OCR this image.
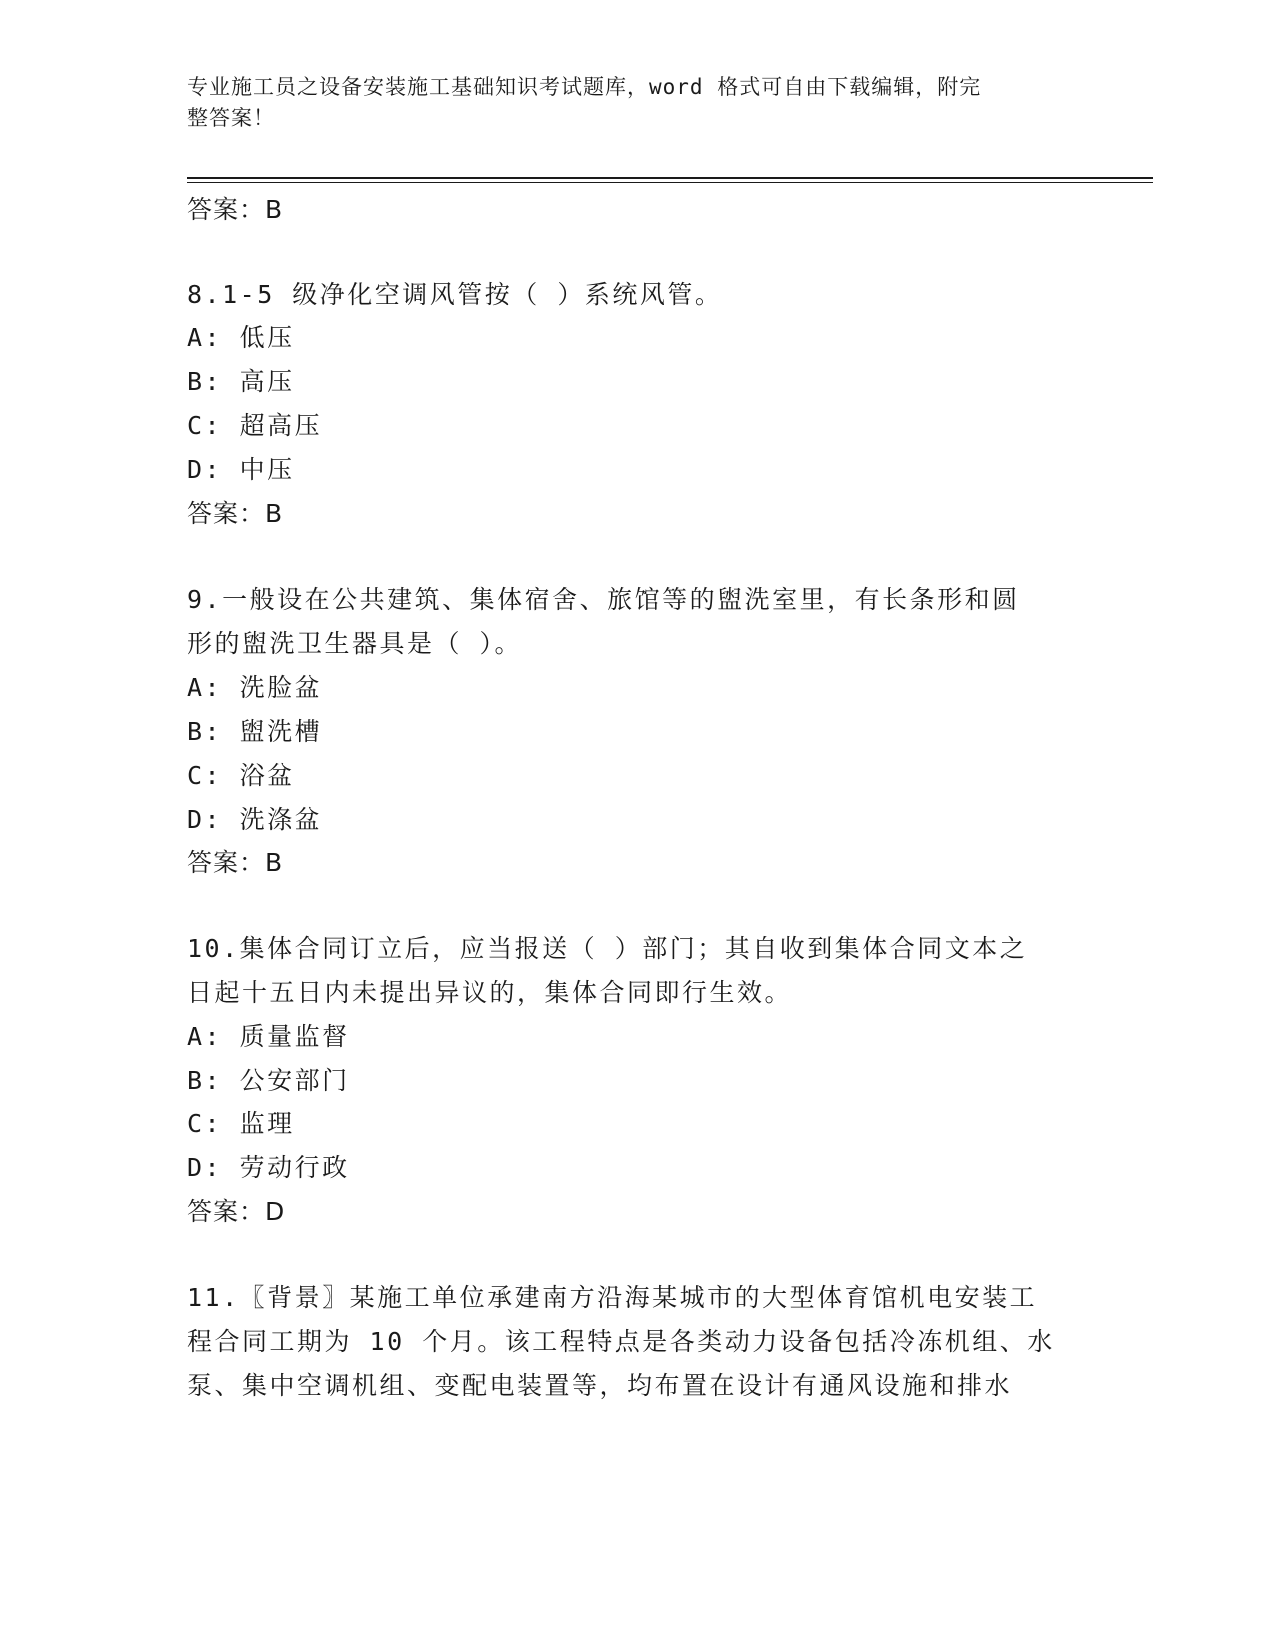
专业施工员之设备安装施工基础知识考试题库，word 格式可自由下载编辑，附完
整答案！
答案：B
8.1-5 级净化空调风管按（ ）系统风管。
A: 低压
B: 高压
C: 超高压
D: 中压
答案：B
9.一般设在公共建筑、集体宿舍、旅馆等的盥洗室里，有长条形和圆
形的盥洗卫生器具是（ ）。
A: 洗脸盆
B: 盥洗槽
C: 浴盆
D: 洗涤盆
答案：B
10.集体合同订立后，应当报送（ ）部门；其自收到集体合同文本之
日起十五日内未提出异议的，集体合同即行生效。
A: 质量监督
B: 公安部门
C: 监理
D: 劳动行政
答案：D
11.〖背景〗某施工单位承建南方沿海某城市的大型体育馆机电安装工
程合同工期为 10 个月。该工程特点是各类动力设备包括冷冻机组、水
泵、集中空调机组、变配电装置等，均布置在设计有通风设施和排水
